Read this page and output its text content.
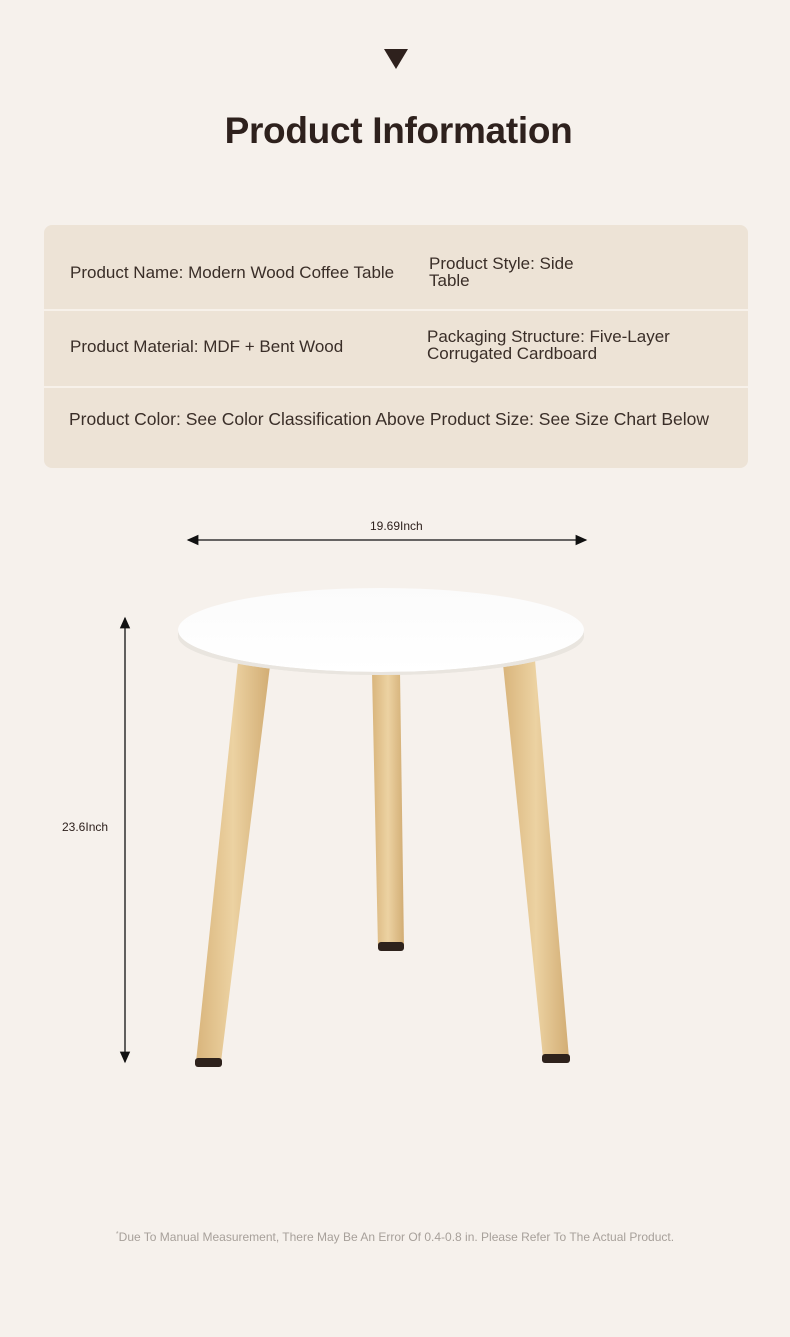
Product Information
Product Name: Modern Wood Coffee Table Product Style: Side
Table
Product Material: MDF + Bent Wood
Packaging Structure: Five-Layer
Corrugated Cardboard
Product Color: See Color Classification Above Product Size: See Size Chart Below
19.69Inch
23.6Inch
*Due To Manual Measurement, There May Be An Error Of 0.4-0.8 in. Please Refer To The Actual Product.
